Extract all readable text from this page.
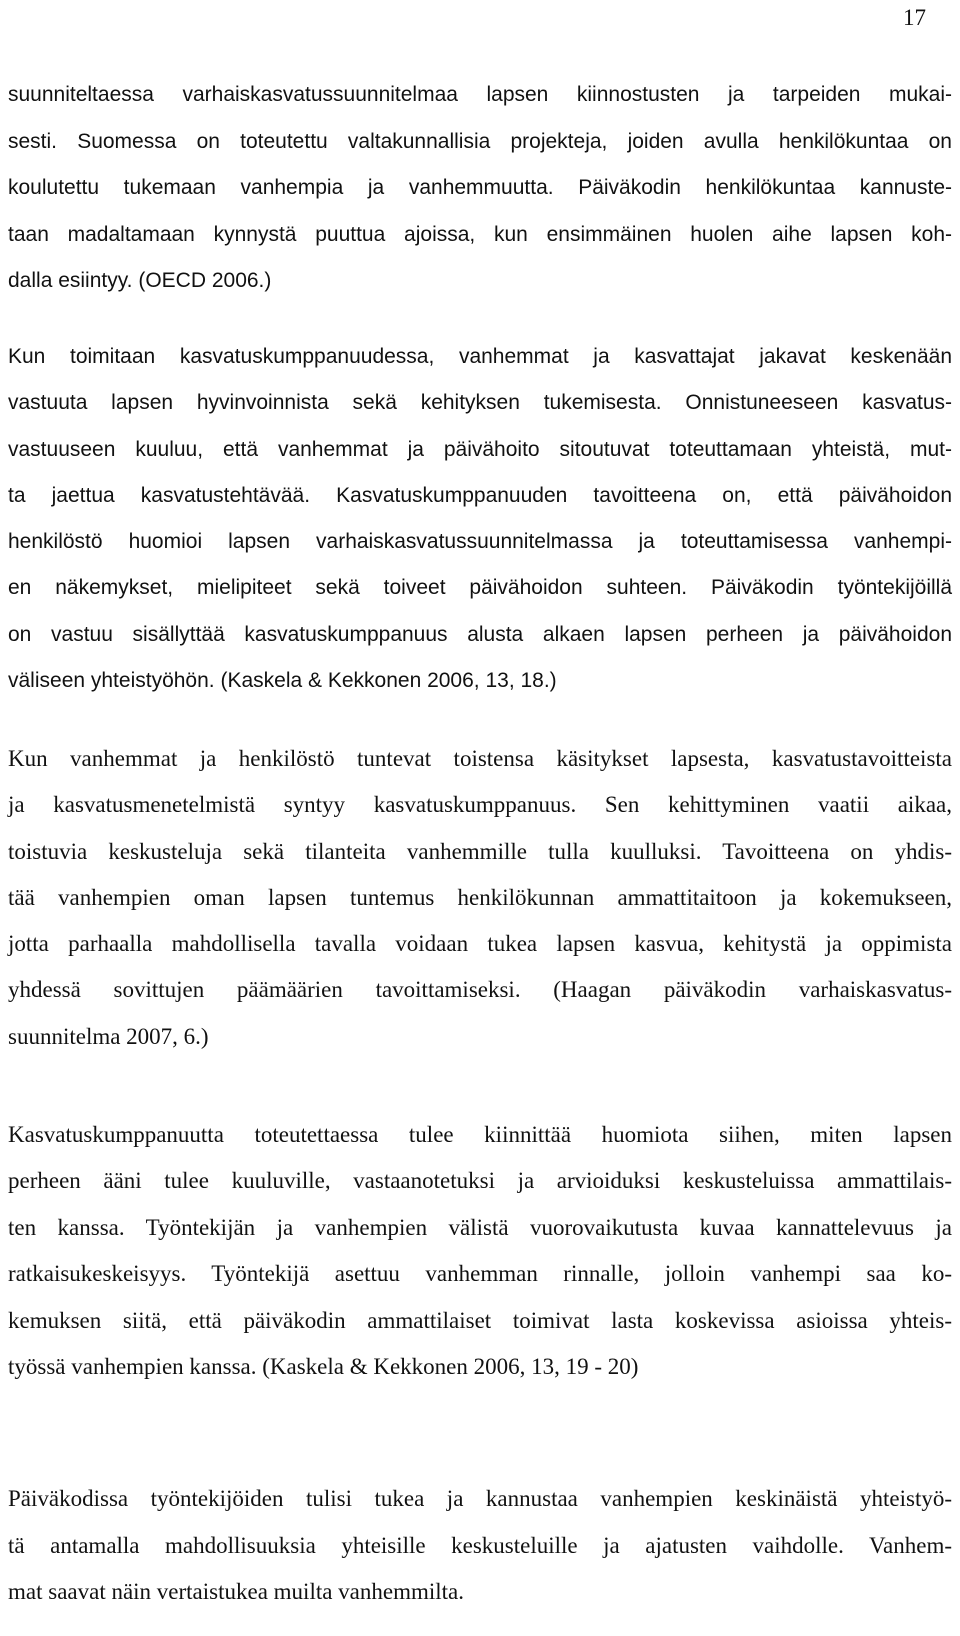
17

suunniteltaessa varhaiskasvatussuunnitelmaa lapsen kiinnostusten ja tarpeiden mukai-
sesti. Suomessa on toteutettu valtakunnallisia projekteja, joiden avulla henkilökuntaa on
koulutettu tukemaan vanhempia ja vanhemmuutta. Päiväkodin henkilökuntaa kannuste-
taan madaltamaan kynnystä puuttua ajoissa, kun ensimmäinen huolen aihe lapsen koh-
dalla esiintyy. (OECD 2006.)

Kun toimitaan kasvatuskumppanuudessa, vanhemmat ja kasvattajat jakavat keskenään
vastuuta lapsen hyvinvoinnista sekä kehityksen tukemisesta. Onnistuneeseen kasvatus-
vastuuseen kuuluu, että vanhemmat ja päivähoito sitoutuvat toteuttamaan yhteistä, mut-
ta jaettua kasvatustehtävää. Kasvatuskumppanuuden tavoitteena on, että päivähoidon
henkilöstö huomioi lapsen varhaiskasvatussuunnitelmassa ja toteuttamisessa vanhempi-
en näkemykset, mielipiteet sekä toiveet päivähoidon suhteen. Päiväkodin työntekijöillä
on vastuu sisällyttää kasvatuskumppanuus alusta alkaen lapsen perheen ja päivähoidon
väliseen yhteistyöhön. (Kaskela & Kekkonen 2006, 13, 18.)

Kun vanhemmat ja henkilöstö tuntevat toistensa käsitykset lapsesta, kasvatustavoitteista
ja kasvatusmenetelmistä syntyy kasvatuskumppanuus. Sen kehittyminen vaatii aikaa,
toistuvia keskusteluja sekä tilanteita vanhemmille tulla kuulluksi. Tavoitteena on yhdis-
tää vanhempien oman lapsen tuntemus henkilökunnan ammattitaitoon ja kokemukseen,
jotta parhaalla mahdollisella tavalla voidaan tukea lapsen kasvua, kehitystä ja oppimista
yhdessä sovittujen päämäärien tavoittamiseksi. (Haagan päiväkodin varhaiskasvatus-
suunnitelma 2007, 6.)

Kasvatuskumppanuutta toteutettaessa tulee kiinnittää huomiota siihen, miten lapsen
perheen ääni tulee kuuluville, vastaanotetuksi ja arvioiduksi keskusteluissa ammattilais-
ten kanssa. Työntekijän ja vanhempien välistä vuorovaikutusta kuvaa kannattelevuus ja
ratkaisukeskeisyys. Työntekijä asettuu vanhemman rinnalle, jolloin vanhempi saa ko-
kemuksen siitä, että päiväkodin ammattilaiset toimivat lasta koskevissa asioissa yhteis-
työssä vanhempien kanssa. (Kaskela & Kekkonen 2006, 13, 19 - 20)

Päiväkodissa työntekijöiden tulisi tukea ja kannustaa vanhempien keskinäistä yhteistyö-
tä antamalla mahdollisuuksia yhteisille keskusteluille ja ajatusten vaihdolle. Vanhem-
mat saavat näin vertaistukea muilta vanhemmilta.
